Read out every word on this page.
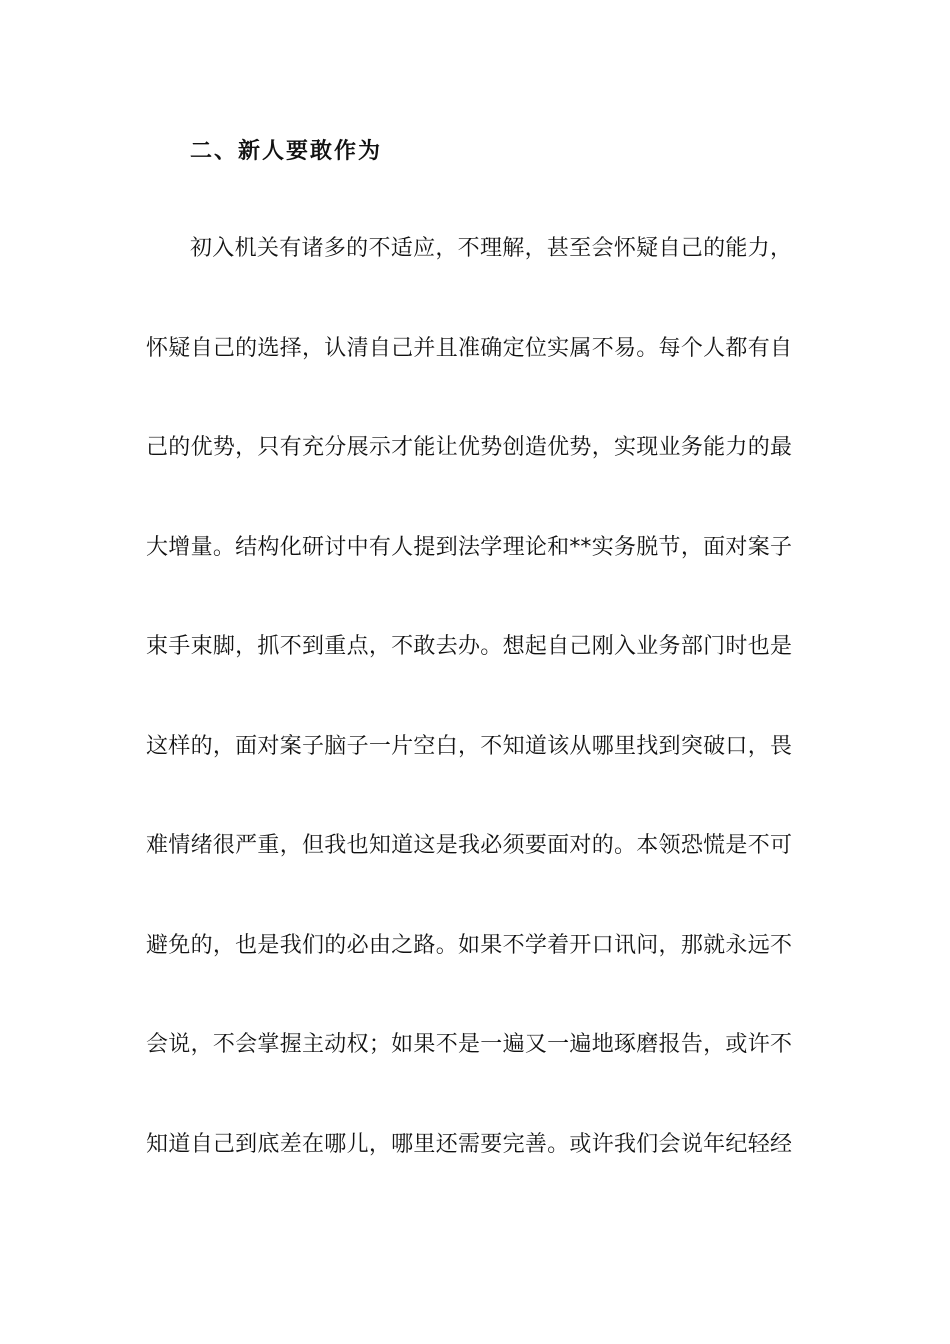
二、新人要敢作为
初入机关有诸多的不适应，不理解，甚至会怀疑自己的能力，
怀疑自己的选择，认清自己并且准确定位实属不易。每个人都有自
己的优势，只有充分展示才能让优势创造优势，实现业务能力的最
大增量。结构化研讨中有人提到法学理论和**实务脱节，面对案子
束手束脚，抓不到重点，不敢去办。想起自己刚入业务部门时也是
这样的，面对案子脑子一片空白，不知道该从哪里找到突破口，畏
难情绪很严重，但我也知道这是我必须要面对的。本领恐慌是不可
避免的，也是我们的必由之路。如果不学着开口讯问，那就永远不
会说，不会掌握主动权；如果不是一遍又一遍地琢磨报告，或许不
知道自己到底差在哪儿，哪里还需要完善。或许我们会说年纪轻经
